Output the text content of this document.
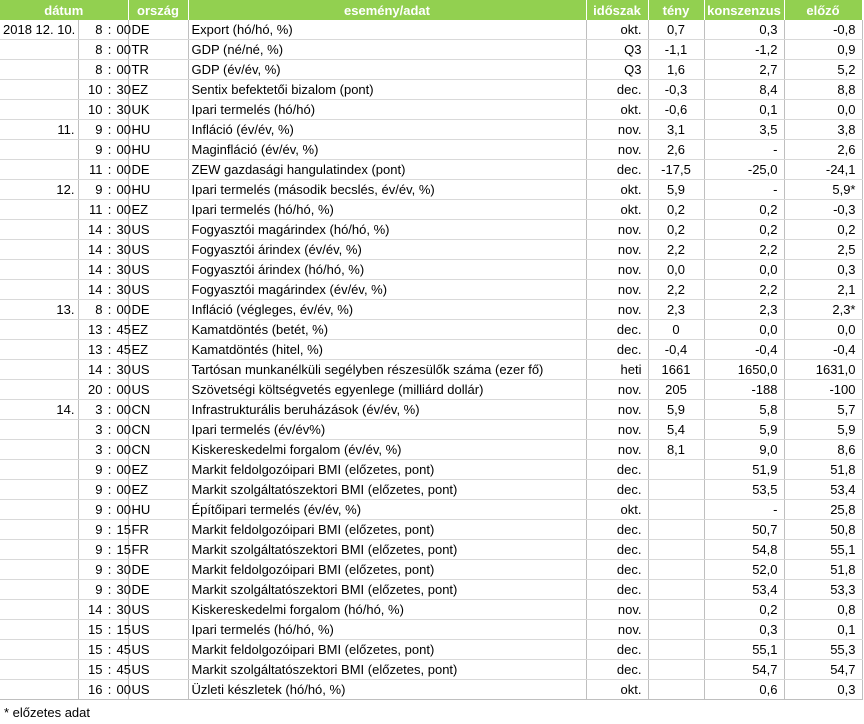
dátum		ország	esemény/adat	időszak	tény	konszenzus	előző
2018 12. 10.	8 : 00	DE	Export (hó/hó, %)	okt.	0,7	0,3	-0,8
	8 : 00	TR	GDP (né/né, %)	Q3	-1,1	-1,2	0,9
	8 : 00	TR	GDP (év/év, %)	Q3	1,6	2,7	5,2
	10 : 30	EZ	Sentix befektetői bizalom (pont)	dec.	-0,3	8,4	8,8
	10 : 30	UK	Ipari termelés (hó/hó)	okt.	-0,6	0,1	0,0
11.	9 : 00	HU	Infláció (év/év, %)	nov.	3,1	3,5	3,8
	9 : 00	HU	Maginfláció (év/év, %)	nov.	2,6	-	2,6
	11 : 00	DE	ZEW gazdasági hangulatindex (pont)	dec.	-17,5	-25,0	-24,1
12.	9 : 00	HU	Ipari termelés (második becslés, év/év, %)	okt.	5,9	-	5,9*
	11 : 00	EZ	Ipari termelés (hó/hó, %)	okt.	0,2	0,2	-0,3
	14 : 30	US	Fogyasztói magárindex (hó/hó, %)	nov.	0,2	0,2	0,2
	14 : 30	US	Fogyasztói árindex (év/év, %)	nov.	2,2	2,2	2,5
	14 : 30	US	Fogyasztói árindex (hó/hó, %)	nov.	0,0	0,0	0,3
	14 : 30	US	Fogyasztói magárindex (év/év, %)	nov.	2,2	2,2	2,1
13.	8 : 00	DE	Infláció (végleges, év/év, %)	nov.	2,3	2,3	2,3*
	13 : 45	EZ	Kamatdöntés (betét, %)	dec.	0	0,0	0,0
	13 : 45	EZ	Kamatdöntés (hitel, %)	dec.	-0,4	-0,4	-0,4
	14 : 30	US	Tartósan munkanélküli segélyben részesülők száma (ezer fő)	heti	1661	1650,0	1631,0
	20 : 00	US	Szövetségi költségvetés egyenlege (milliárd dollár)	nov.	205	-188	-100
14.	3 : 00	CN	Infrastrukturális beruházások (év/év, %)	nov.	5,9	5,8	5,7
	3 : 00	CN	Ipari termelés (év/év%)	nov.	5,4	5,9	5,9
	3 : 00	CN	Kiskereskedelmi forgalom (év/év, %)	nov.	8,1	9,0	8,6
	9 : 00	EZ	Markit feldolgozóipari BMI (előzetes, pont)	dec.		51,9	51,8
	9 : 00	EZ	Markit szolgáltatószektori BMI (előzetes, pont)	dec.		53,5	53,4
	9 : 00	HU	Építőipari termelés (év/év, %)	okt.		-	25,8
	9 : 15	FR	Markit feldolgozóipari BMI (előzetes, pont)	dec.		50,7	50,8
	9 : 15	FR	Markit szolgáltatószektori BMI (előzetes, pont)	dec.		54,8	55,1
	9 : 30	DE	Markit feldolgozóipari BMI (előzetes, pont)	dec.		52,0	51,8
	9 : 30	DE	Markit szolgáltatószektori BMI (előzetes, pont)	dec.		53,4	53,3
	14 : 30	US	Kiskereskedelmi forgalom (hó/hó, %)	nov.		0,2	0,8
	15 : 15	US	Ipari termelés (hó/hó, %)	nov.		0,3	0,1
	15 : 45	US	Markit feldolgozóipari BMI (előzetes, pont)	dec.		55,1	55,3
	15 : 45	US	Markit szolgáltatószektori BMI (előzetes, pont)	dec.		54,7	54,7
	16 : 00	US	Üzleti készletek (hó/hó, %)	okt.		0,6	0,3
* előzetes adat
